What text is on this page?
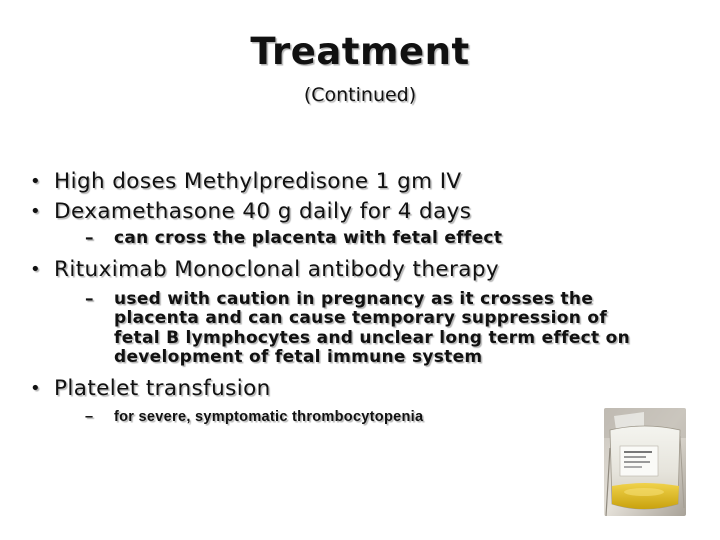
Treatment
(Continued)
• High doses Methylpredisone 1 gm IV
• Dexamethasone 40 g daily for 4 days
–	can cross the placenta with fetal effect
• Rituximab Monoclonal antibody therapy
–	used with caution in pregnancy as it crosses the placenta and can cause temporary suppression of fetal B lymphocytes and unclear long term effect on development of fetal immune system
• Platelet transfusion
–	for severe, symptomatic thrombocytopenia
